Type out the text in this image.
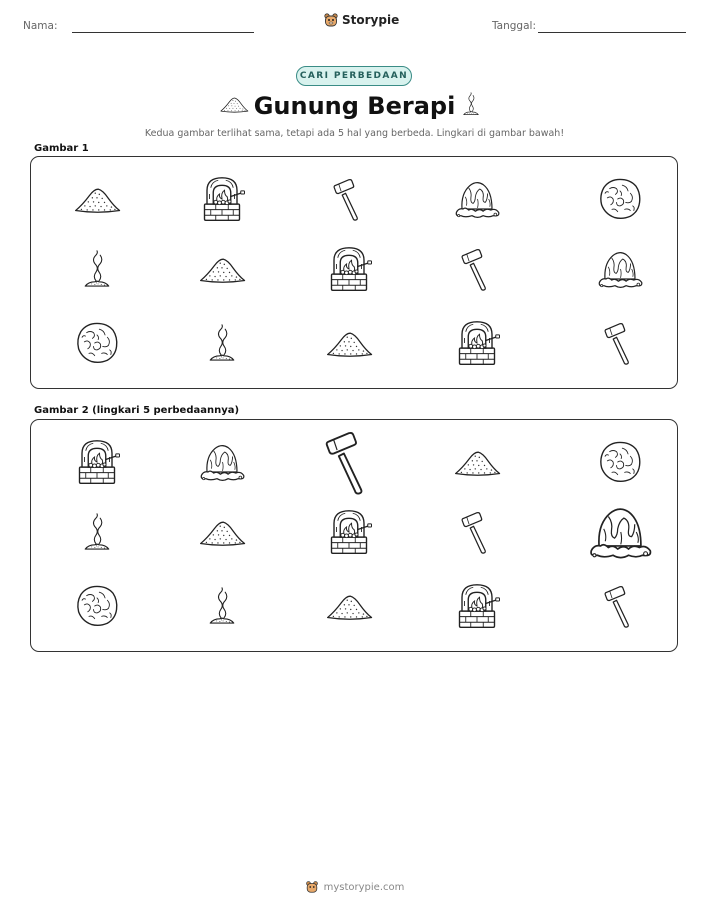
Nama:	Storypie	Tanggal:
CARI PERBEDAAN
Gunung Berapi
Kedua gambar terlihat sama, tetapi ada 5 hal yang berbeda. Lingkari di gambar bawah!
Gambar 1
Gambar 2 (lingkari 5 perbedaannya)
mystorypie.com
